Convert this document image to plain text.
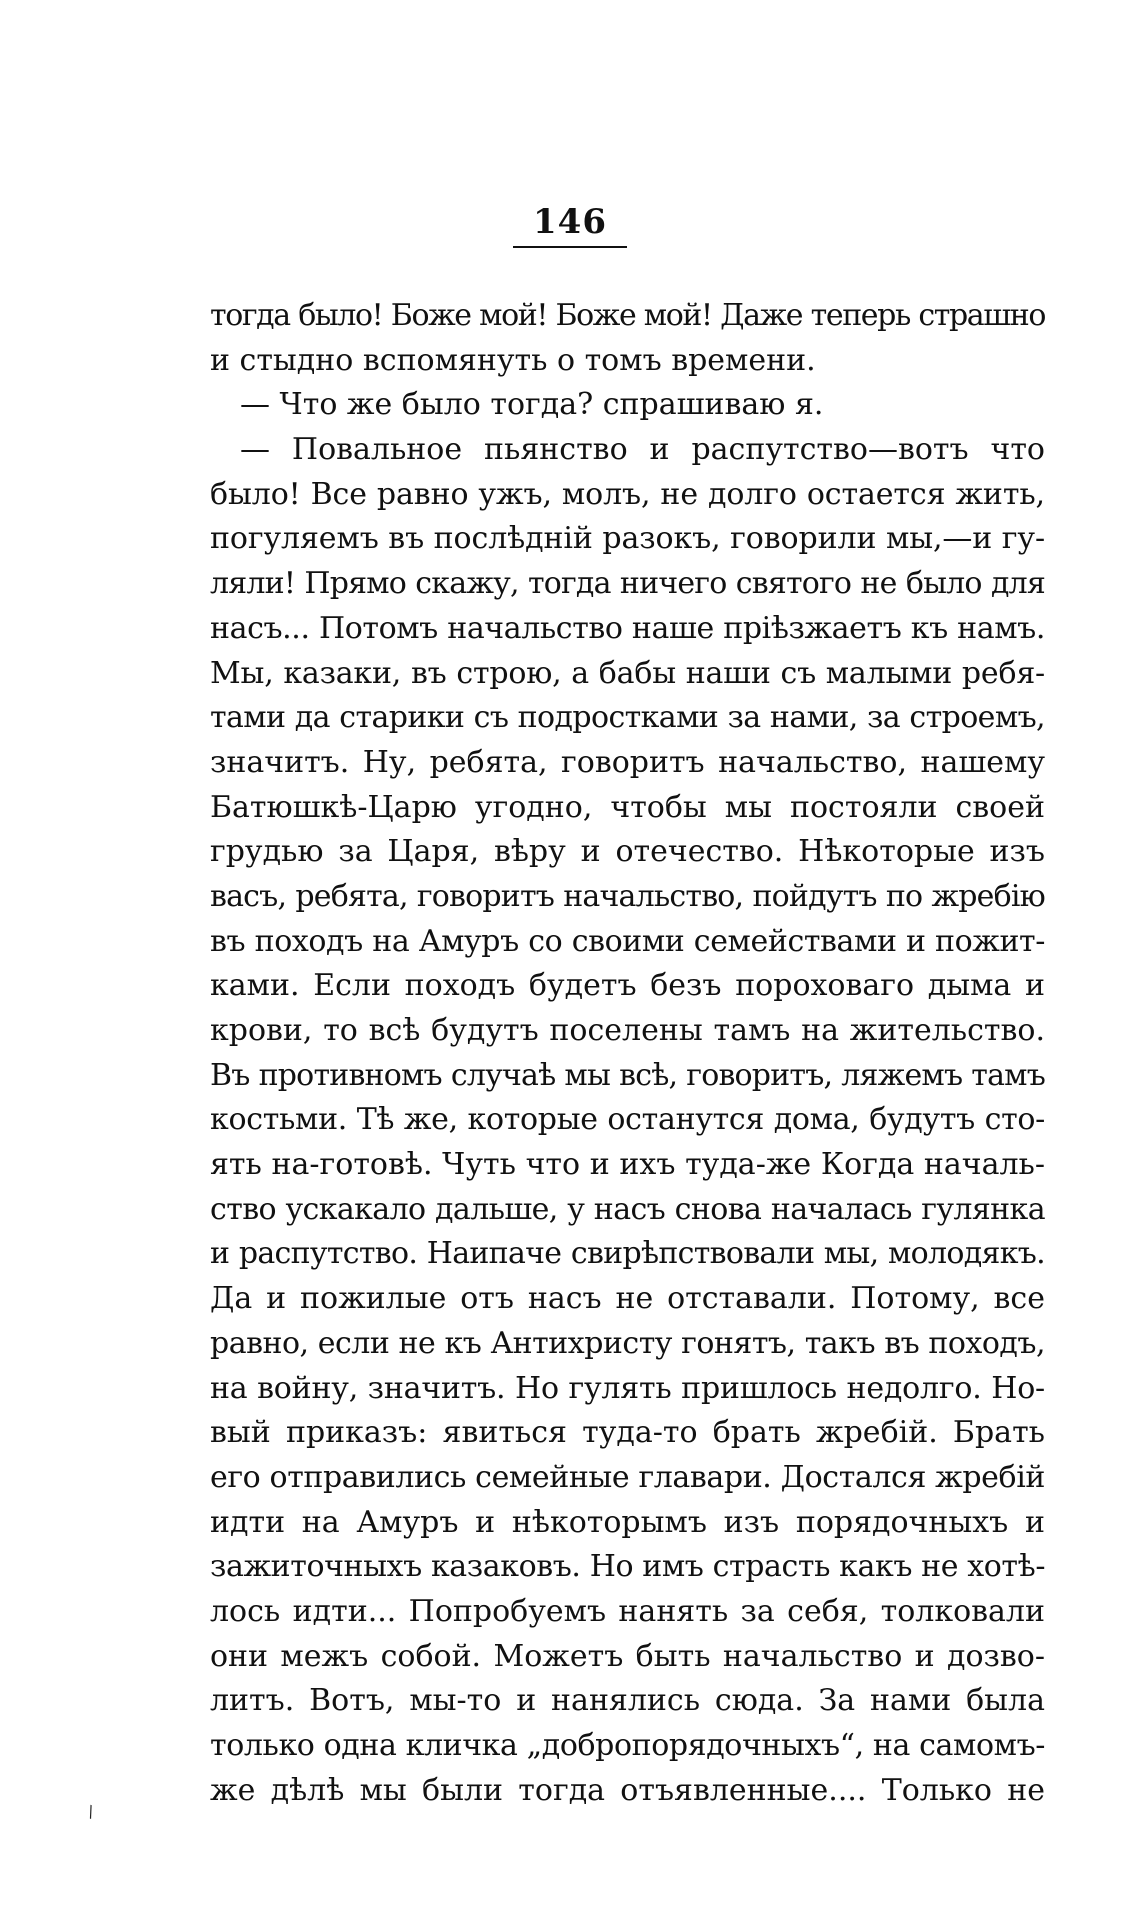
146
тогда было! Боже мой! Боже мой! Даже теперь страшно
и стыдно вспомянуть о томъ времени.
— Что же было тогда? спрашиваю я.
— Повальное пьянство и распутство—вотъ что
было! Все равно ужъ, молъ, не долго остается жить,
погуляемъ въ послѣднiй разокъ, говорили мы,—и гу-
ляли! Прямо скажу, тогда ничего святого не было для
насъ... Потомъ начальство наше прiѣзжаетъ къ намъ.
Мы, казаки, въ строю, а бабы наши съ малыми ребя-
тами да старики съ подростками за нами, за строемъ,
значитъ. Ну, ребята, говоритъ начальство, нашему
Батюшкѣ-Царю угодно, чтобы мы постояли своей
грудью за Царя, вѣру и отечество. Нѣкоторые изъ
васъ, ребята, говоритъ начальство, пойдутъ по жребiю
въ походъ на Амуръ со своими семействами и пожит-
ками. Если походъ будетъ безъ пороховаго дыма и
крови, то всѣ будутъ поселены тамъ на жительство.
Въ противномъ случаѣ мы всѣ, говоритъ, ляжемъ тамъ
костьми. Тѣ же, которые останутся дома, будутъ сто-
ять на-готовѣ. Чуть что и ихъ туда-же Когда началь-
ство ускакало дальше, у насъ снова началась гулянка
и распутство. Наипаче свирѣпствовали мы, молодякъ.
Да и пожилые отъ насъ не отставали. Потому, все
равно, если не къ Антихристу гонятъ, такъ въ походъ,
на войну, значитъ. Но гулять пришлось недолго. Но-
вый приказъ: явиться туда-то брать жребiй. Брать
его отправились семейные главари. Достался жребiй
идти на Амуръ и нѣкоторымъ изъ порядочныхъ и
зажиточныхъ казаковъ. Но имъ страсть какъ не хотѣ-
лось идти... Попробуемъ нанять за себя, толковали
они межъ собой. Можетъ быть начальство и дозво-
литъ. Вотъ, мы-то и нанялись сюда. За нами была
только одна кличка „добропорядочныхъ“, на самомъ-
же дѣлѣ мы были тогда отъявленные.... Только не
\
